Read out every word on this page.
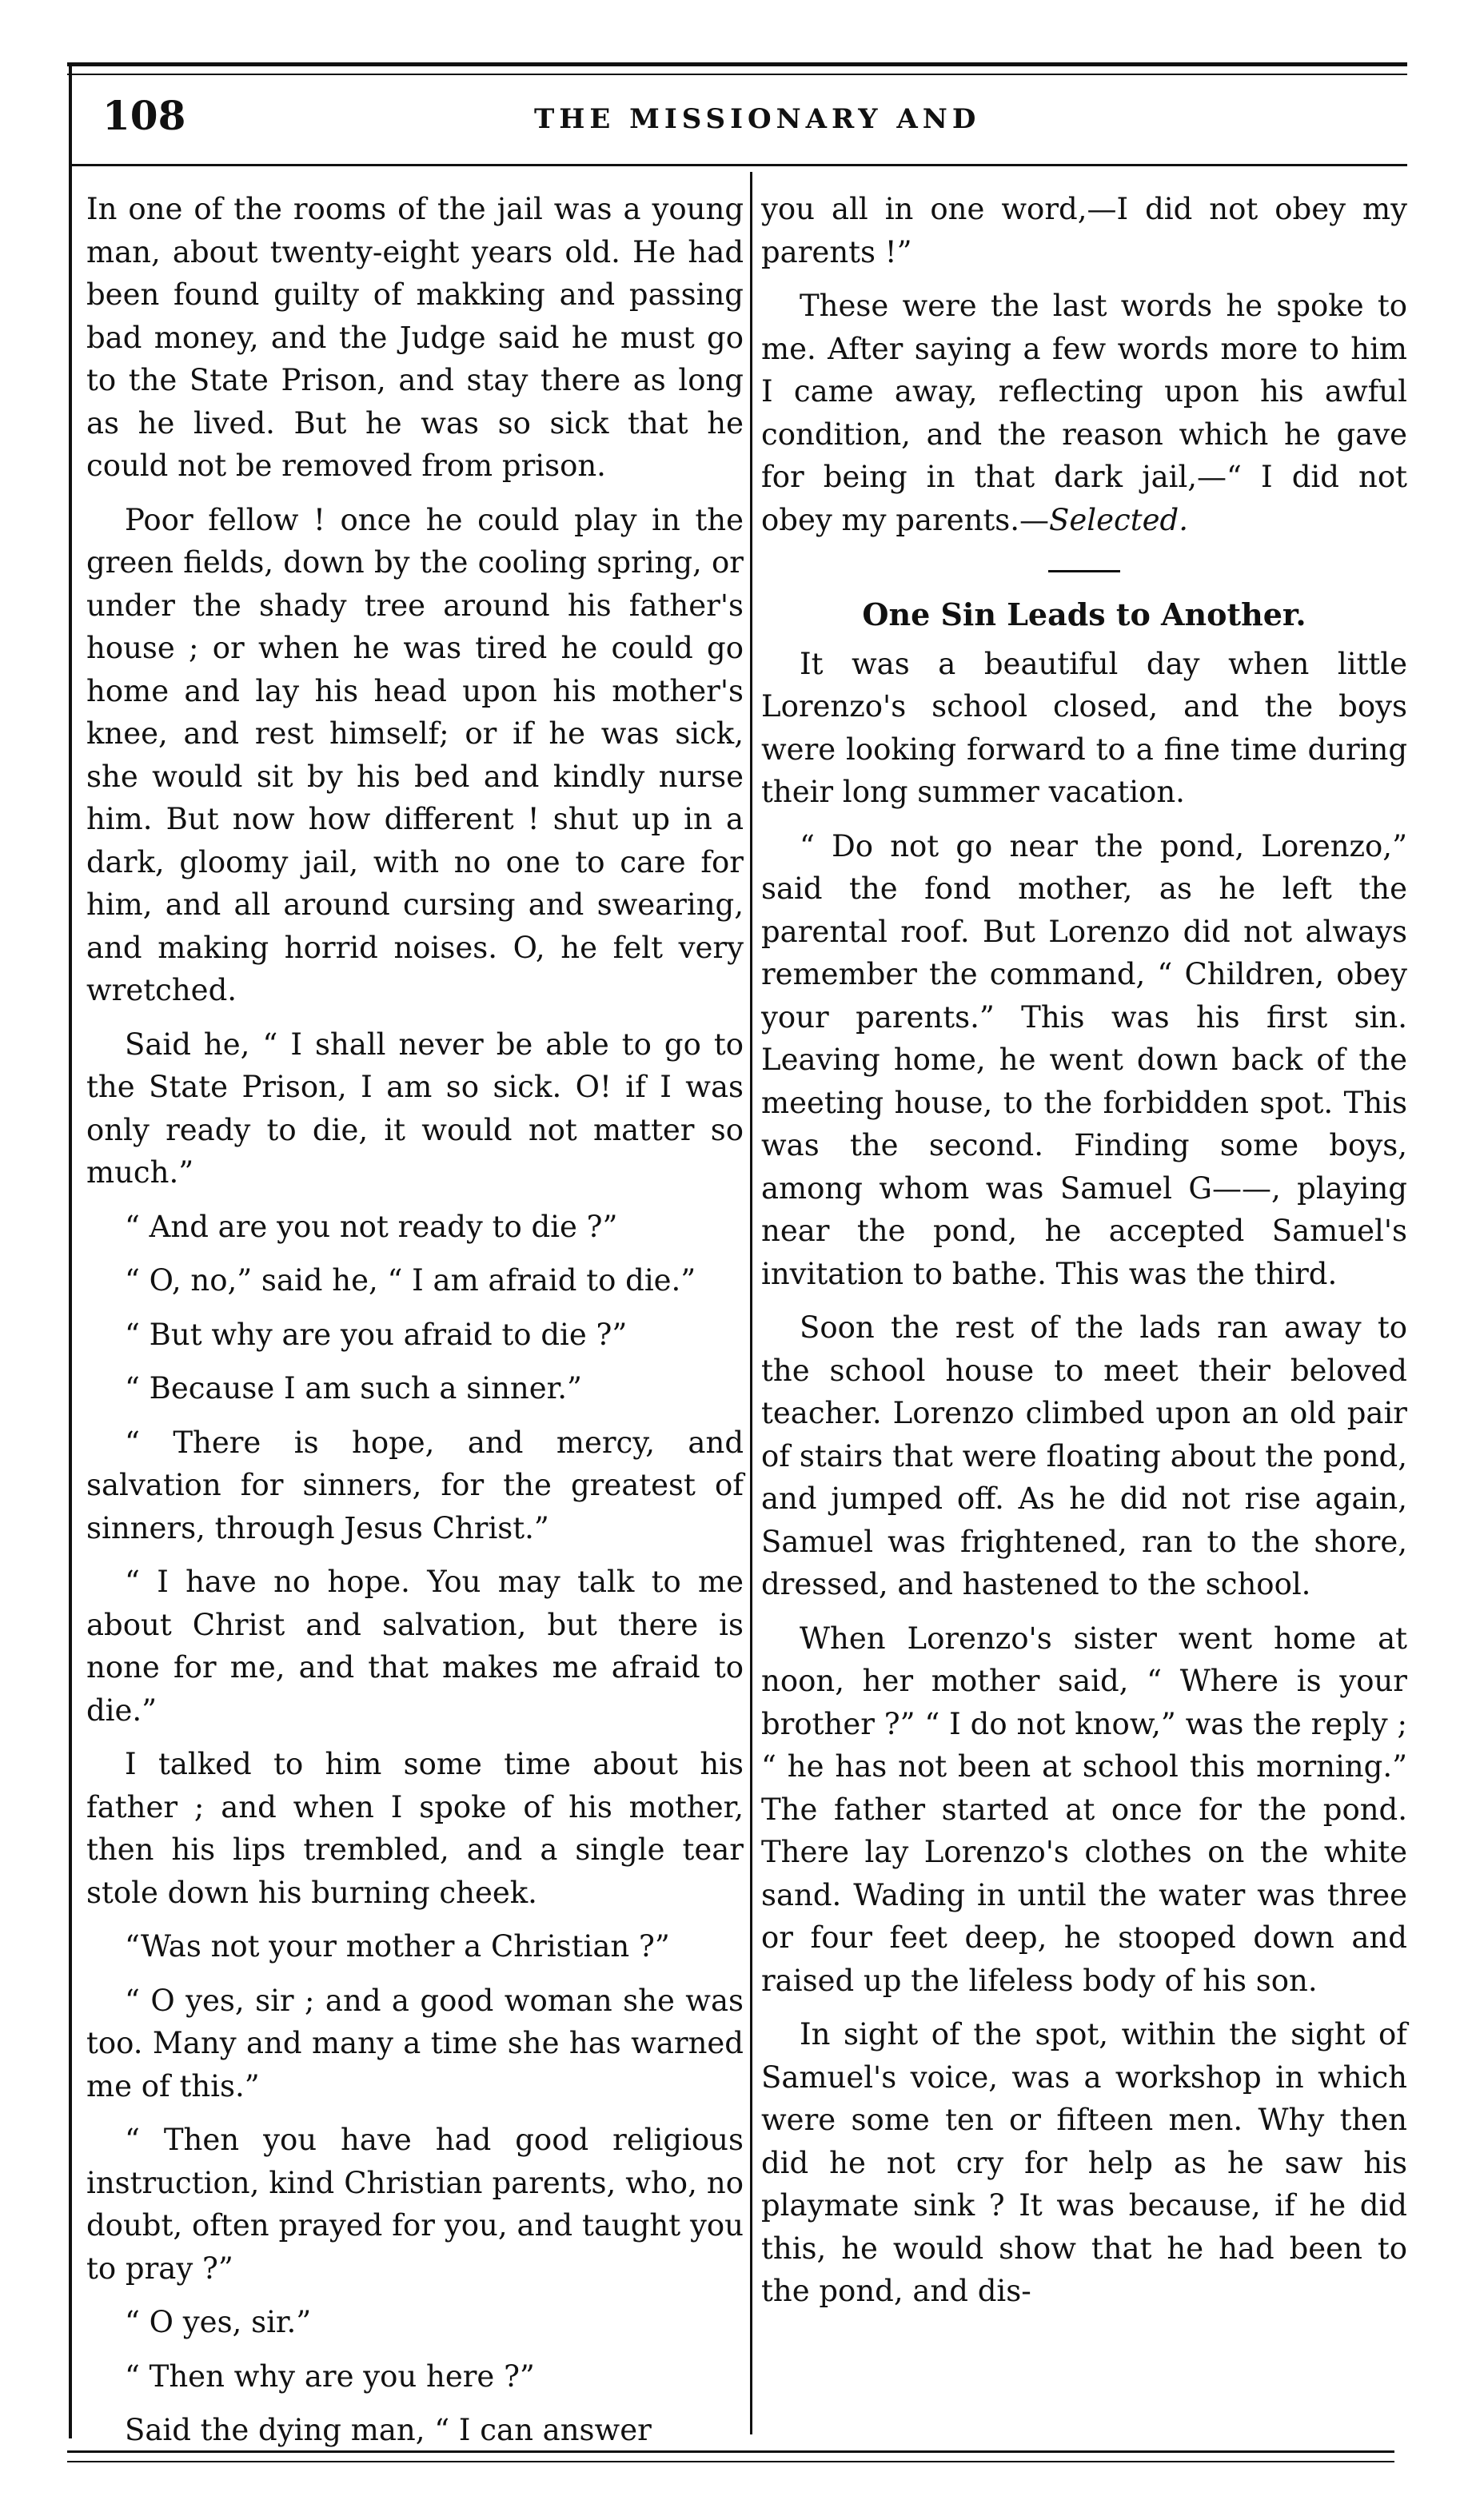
108	THE MISSIONARY AND

In one of the rooms of the jail was a young man, about twenty-eight years old. He had been found guilty of makking and passing bad money, and the Judge said he must go to the State Prison, and stay there as long as he lived. But he was so sick that he could not be removed from prison.

Poor fellow ! once he could play in the green fields, down by the cooling spring, or under the shady tree around his father's house ; or when he was tired he could go home and lay his head upon his mother's knee, and rest himself; or if he was sick, she would sit by his bed and kindly nurse him. But now how different ! shut up in a dark, gloomy jail, with no one to care for him, and all around cursing and swearing, and making horrid noises. O, he felt very wretched.

Said he, “ I shall never be able to go to the State Prison, I am so sick. O! if I was only ready to die, it would not matter so much.”

“ And are you not ready to die ?”

“ O, no,” said he, “ I am afraid to die.”

“ But why are you afraid to die ?”

“ Because I am such a sinner.”

“ There is hope, and mercy, and salvation for sinners, for the greatest of sinners, through Jesus Christ.”

“ I have no hope. You may talk to me about Christ and salvation, but there is none for me, and that makes me afraid to die.”

I talked to him some time about his father ; and when I spoke of his mother, then his lips trembled, and a single tear stole down his burning cheek.

“Was not your mother a Christian ?”

“ O yes, sir ; and a good woman she was too. Many and many a time she has warned me of this.”

“ Then you have had good religious instruction, kind Christian parents, who, no doubt, often prayed for you, and taught you to pray ?”

“ O yes, sir.”

“ Then why are you here ?”

Said the dying man, “ I can answer

you all in one word,—I did not obey my parents !”

These were the last words he spoke to me. After saying a few words more to him I came away, reflecting upon his awful condition, and the reason which he gave for being in that dark jail,—“ I did not obey my parents.—Selected.

One Sin Leads to Another.

It was a beautiful day when little Lorenzo's school closed, and the boys were looking forward to a fine time during their long summer vacation.

“ Do not go near the pond, Lorenzo,” said the fond mother, as he left the parental roof. But Lorenzo did not always remember the command, “ Children, obey your parents.” This was his first sin. Leaving home, he went down back of the meeting house, to the forbidden spot. This was the second. Finding some boys, among whom was Samuel G——, playing near the pond, he accepted Samuel's invitation to bathe. This was the third.

Soon the rest of the lads ran away to the school house to meet their beloved teacher. Lorenzo climbed upon an old pair of stairs that were floating about the pond, and jumped off. As he did not rise again, Samuel was frightened, ran to the shore, dressed, and hastened to the school.

When Lorenzo's sister went home at noon, her mother said, “ Where is your brother ?” “ I do not know,” was the reply ; “ he has not been at school this morning.” The father started at once for the pond. There lay Lorenzo's clothes on the white sand. Wading in until the water was three or four feet deep, he stooped down and raised up the lifeless body of his son.

In sight of the spot, within the sight of Samuel's voice, was a workshop in which were some ten or fifteen men. Why then did he not cry for help as he saw his playmate sink ? It was because, if he did this, he would show that he had been to the pond, and dis-
